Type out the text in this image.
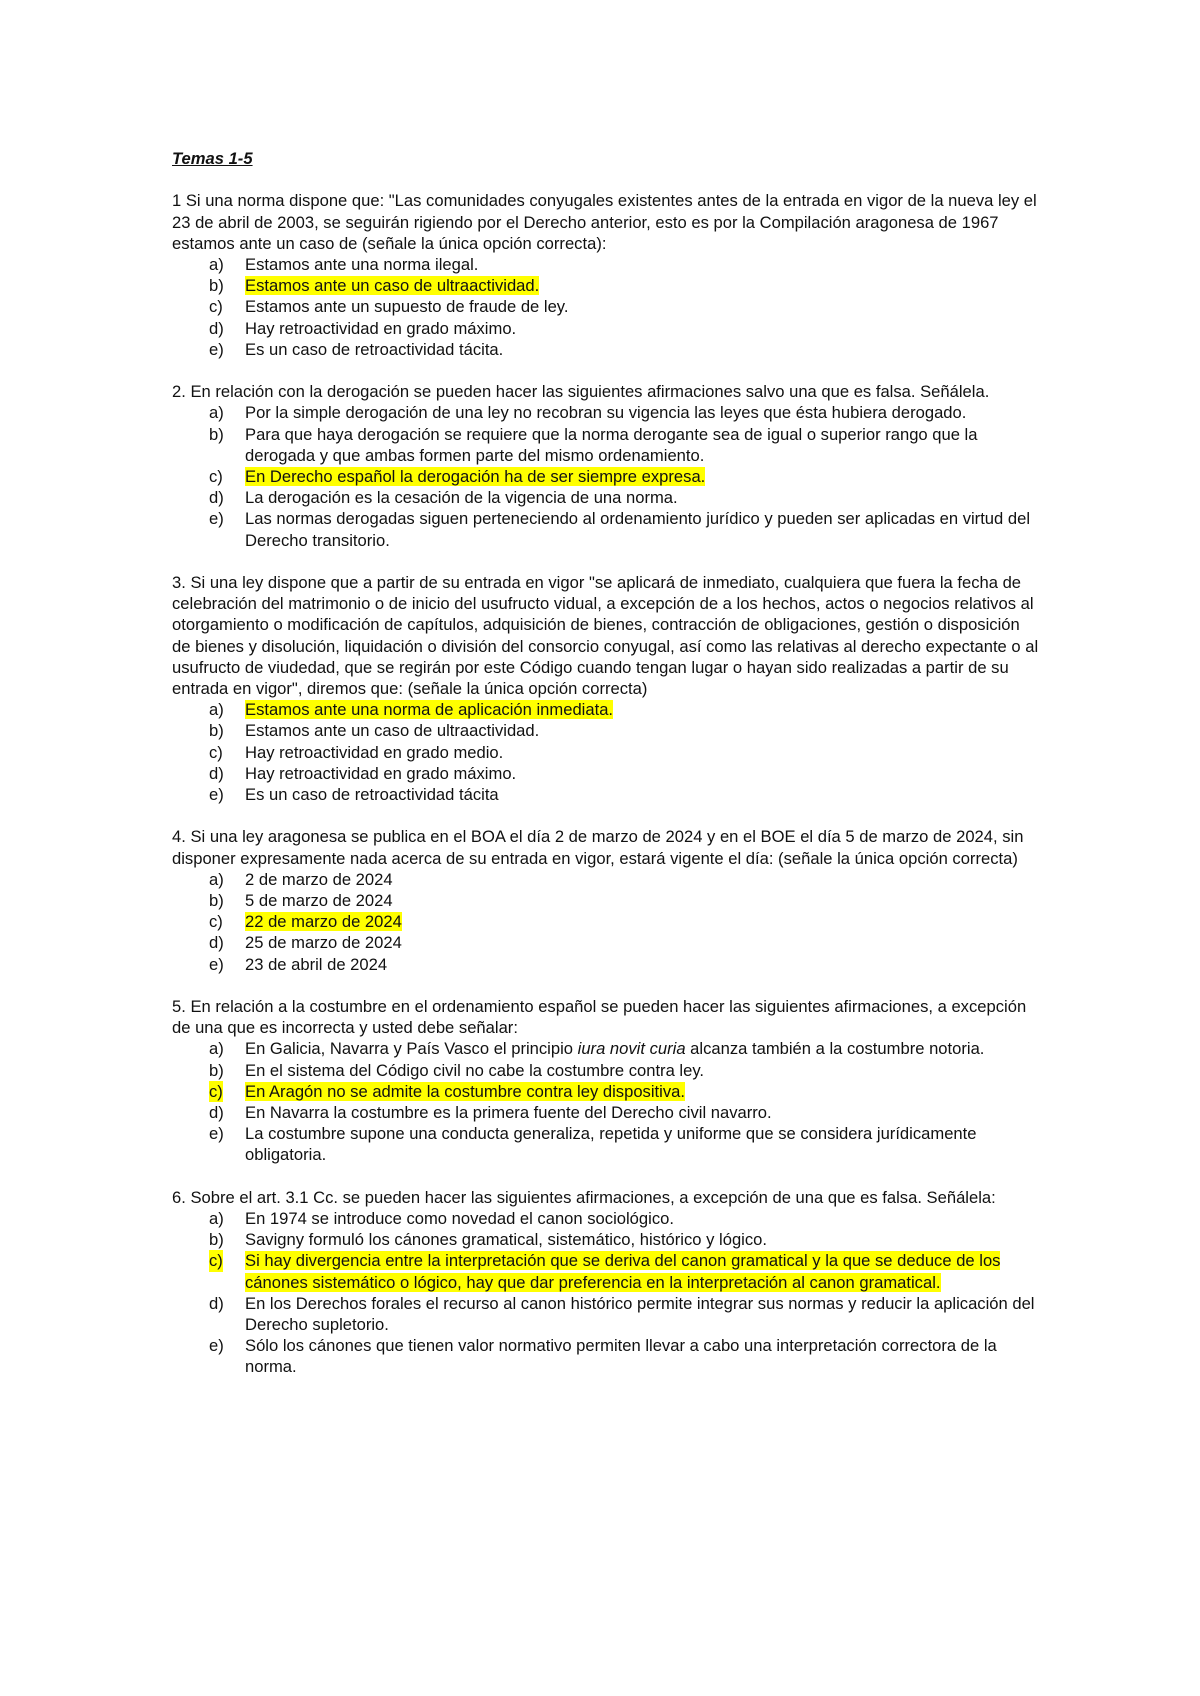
Temas 1-5

1 Si una norma dispone que: "Las comunidades conyugales existentes antes de la entrada en vigor de la nueva ley el 23 de abril de 2003, se seguirán rigiendo por el Derecho anterior, esto es por la Compilación aragonesa de 1967 estamos ante un caso de (señale la única opción correcta):

a) Estamos ante una norma ilegal.
b) Estamos ante un caso de ultraactividad.
c) Estamos ante un supuesto de fraude de ley.
d) Hay retroactividad en grado máximo.
e) Es un caso de retroactividad tácita.

2. En relación con la derogación se pueden hacer las siguientes afirmaciones salvo una que es falsa. Señálela.

a) Por la simple derogación de una ley no recobran su vigencia las leyes que ésta hubiera derogado.
b) Para que haya derogación se requiere que la norma derogante sea de igual o superior rango que la derogada y que ambas formen parte del mismo ordenamiento.
c) En Derecho español la derogación ha de ser siempre expresa.
d) La derogación es la cesación de la vigencia de una norma.
e) Las normas derogadas siguen perteneciendo al ordenamiento jurídico y pueden ser aplicadas en virtud del Derecho transitorio.

3. Si una ley dispone que a partir de su entrada en vigor "se aplicará de inmediato, cualquiera que fuera la fecha de celebración del matrimonio o de inicio del usufructo vidual, a excepción de a los hechos, actos o negocios relativos al otorgamiento o modificación de capítulos, adquisición de bienes, contracción de obligaciones, gestión o disposición de bienes y disolución, liquidación o división del consorcio conyugal, así como las relativas al derecho expectante o al usufructo de viudedad, que se regirán por este Código cuando tengan lugar o hayan sido realizadas a partir de su entrada en vigor", diremos que: (señale la única opción correcta)

a) Estamos ante una norma de aplicación inmediata.
b) Estamos ante un caso de ultraactividad.
c) Hay retroactividad en grado medio.
d) Hay retroactividad en grado máximo.
e) Es un caso de retroactividad tácita

4. Si una ley aragonesa se publica en el BOA el día 2 de marzo de 2024 y en el BOE el día 5 de marzo de 2024, sin disponer expresamente nada acerca de su entrada en vigor, estará vigente el día: (señale la única opción correcta)

a) 2 de marzo de 2024
b) 5 de marzo de 2024
c) 22 de marzo de 2024
d) 25 de marzo de 2024
e) 23 de abril de 2024

5. En relación a la costumbre en el ordenamiento español se pueden hacer las siguientes afirmaciones, a excepción de una que es incorrecta y usted debe señalar:

a) En Galicia, Navarra y País Vasco el principio iura novit curia alcanza también a la costumbre notoria.
b) En el sistema del Código civil no cabe la costumbre contra ley.
c) En Aragón no se admite la costumbre contra ley dispositiva.
d) En Navarra la costumbre es la primera fuente del Derecho civil navarro.
e) La costumbre supone una conducta generaliza, repetida y uniforme que se considera jurídicamente obligatoria.

6. Sobre el art. 3.1 Cc. se pueden hacer las siguientes afirmaciones, a excepción de una que es falsa. Señálela:

a) En 1974 se introduce como novedad el canon sociológico.
b) Savigny formuló los cánones gramatical, sistemático, histórico y lógico.
c) Si hay divergencia entre la interpretación que se deriva del canon gramatical y la que se deduce de los cánones sistemático o lógico, hay que dar preferencia en la interpretación al canon gramatical.
d) En los Derechos forales el recurso al canon histórico permite integrar sus normas y reducir la aplicación del Derecho supletorio.
e) Sólo los cánones que tienen valor normativo permiten llevar a cabo una interpretación correctora de la norma.
